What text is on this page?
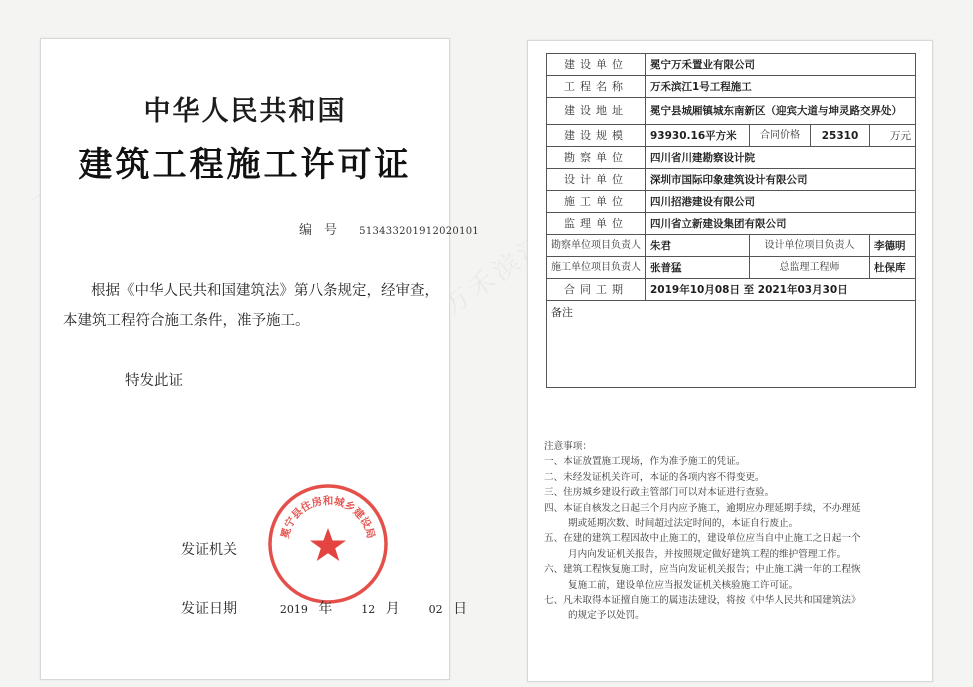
中华人民共和国
建筑工程施工许可证
编号 513433201912020101
根据《中华人民共和国建筑法》第八条规定，经审查，
本建筑工程符合施工条件，准予施工。
特发此证
发证机关
冕宁县住房和城乡建设局
发证日期	2019 年	12 月	02 日
建设单位	冕宁万禾置业有限公司			
工程名称	万禾滨江1号工程施工			
建设地址	冕宁县城厢镇城东南新区（迎宾大道与坤灵路交界处）			
建设规模	93930.16平方米	合同价格	25310	万元
勘察单位	四川省川建勘察设计院			
设计单位	深圳市国际印象建筑设计有限公司			
施工单位	四川招港建设有限公司			
监理单位	四川省立新建设集团有限公司			
勘察单位项目负责人	朱君	设计单位项目负责人		李德明
施工单位项目负责人	张普猛	总监理工程师		杜保库
合同工期	2019年10月08日 至 2021年03月30日			
备注				
注意事项：
一、本证放置施工现场，作为准予施工的凭证。
二、未经发证机关许可，本证的各项内容不得变更。
三、住房城乡建设行政主管部门可以对本证进行查验。
四、本证自核发之日起三个月内应予施工，逾期应办理延期手续，不办理延
期或延期次数、时间超过法定时间的，本证自行废止。
五、在建的建筑工程因故中止施工的，建设单位应当自中止施工之日起一个
月内向发证机关报告，并按照规定做好建筑工程的维护管理工作。
六、建筑工程恢复施工时，应当向发证机关报告；中止施工满一年的工程恢
复施工前，建设单位应当报发证机关核验施工许可证。
七、凡未取得本证擅自施工的属违法建设，将按《中华人民共和国建筑法》
的规定予以处罚。
